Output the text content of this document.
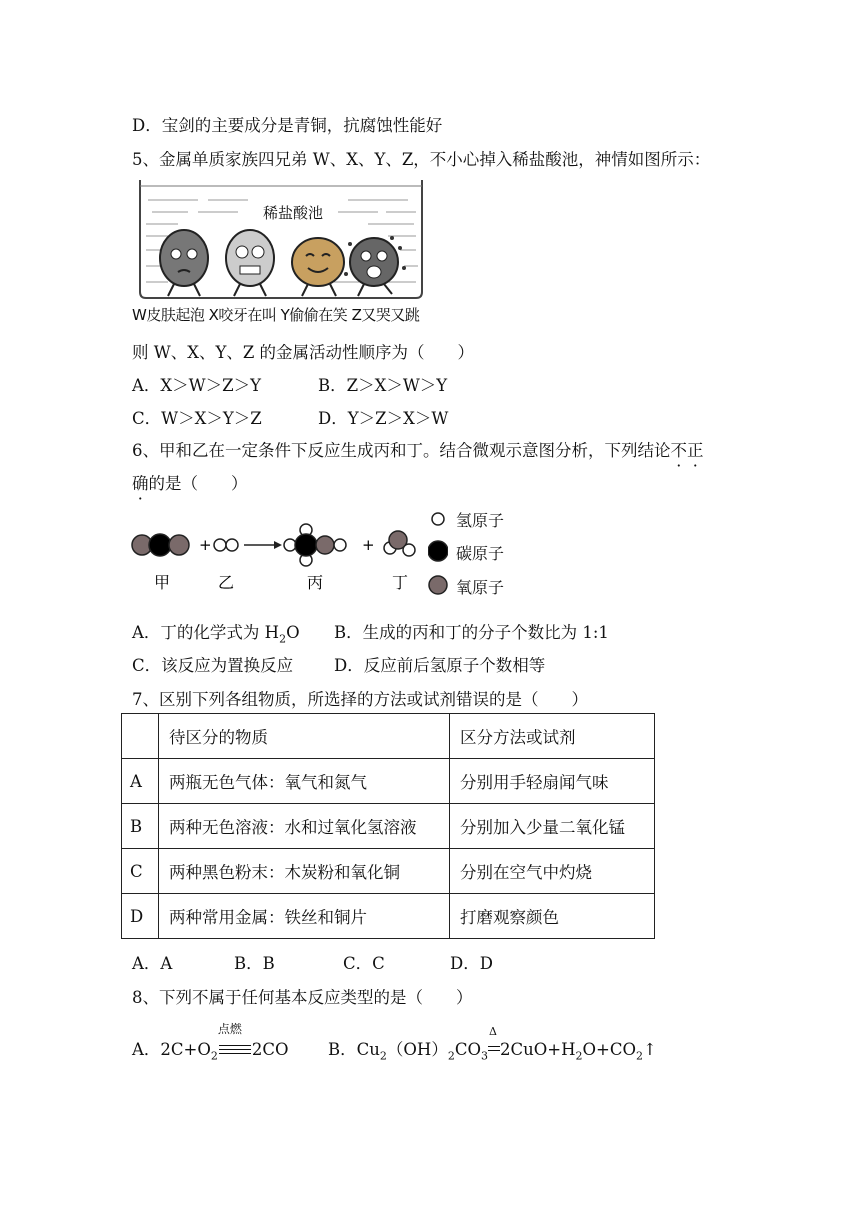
D．宝剑的主要成分是青铜，抗腐蚀性能好
5、金属单质家族四兄弟 W、X、Y、Z，不小心掉入稀盐酸池，神情如图所示：
稀盐酸池
W皮肤起泡 X咬牙在叫 Y偷偷在笑 Z又哭又跳
则 W、X、Y、Z 的金属活动性顺序为（　　）
A．X＞W＞Z＞Y	B．Z＞X＞W＞Y
C．W＞X＞Y＞Z	D．Y＞Z＞X＞W
6、甲和乙在一定条件下反应生成丙和丁。结合微观示意图分析，下列结论不正
确的是（　　）
+	+
甲	乙	丙	丁
氢原子
碳原子
氧原子
A．丁的化学式为 $H_2O$ B．生成的丙和丁的分子个数比为 1:1
C．该反应为置换反应 D．反应前后氢原子个数相等
7、区别下列各组物质，所选择的方法或试剂错误的是（　　）
	待区分的物质	区分方法或试剂
A	两瓶无色气体：氧气和氮气	分别用手轻扇闻气味
B	两种无色溶液：水和过氧化氢溶液	分别加入少量二氧化锰
C	两种黑色粉末：木炭粉和氧化铜	分别在空气中灼烧
D	两种常用金属：铁丝和铜片	打磨观察颜色
A．A	B．B	C．C	D．D
8、下列不属于任何基本反应类型的是（　　）
A．$2C+O_2$
点燃
2CO B．$Cu_2(OH)_2CO_3$
Δ
$2CuO+H_2O+CO_2↑$
